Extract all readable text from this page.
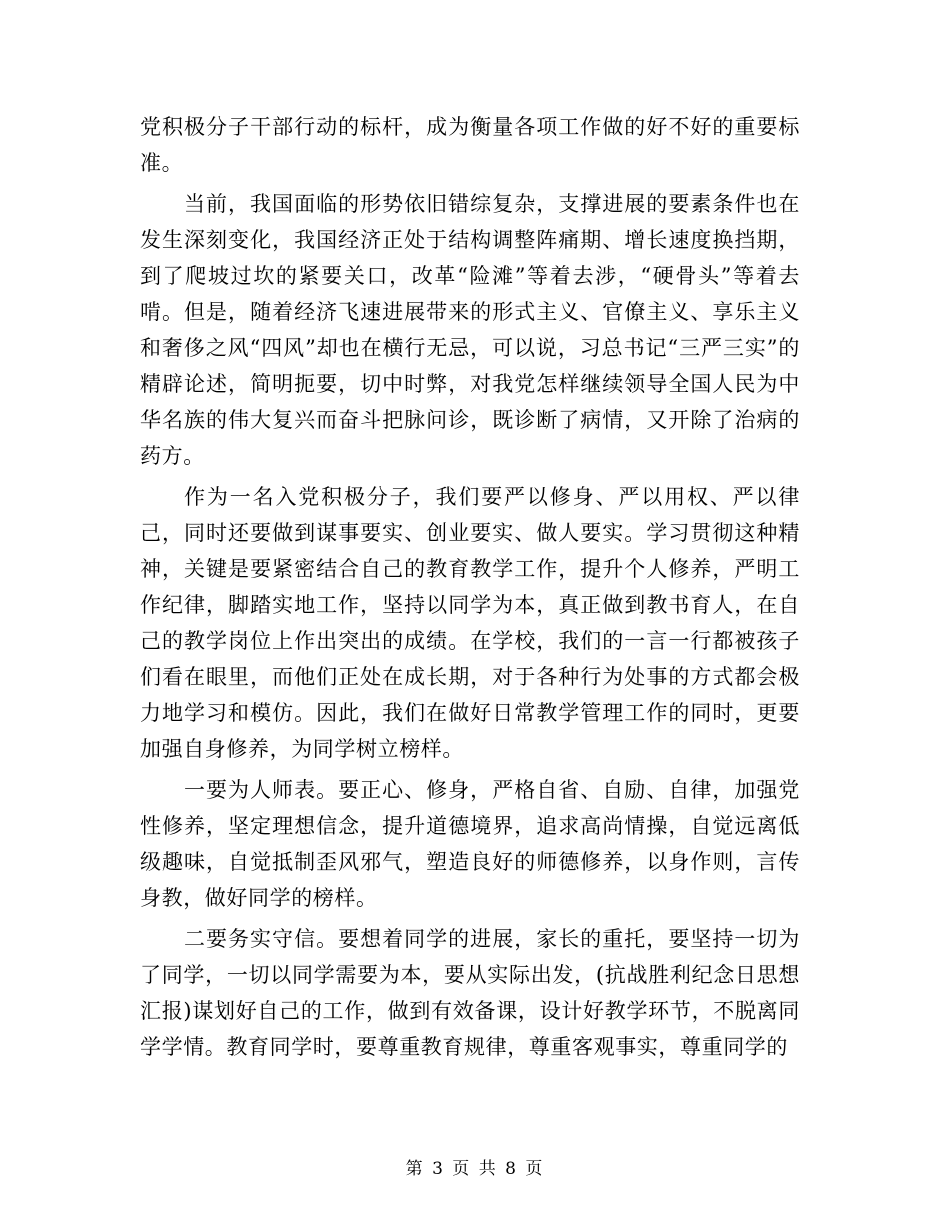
党积极分子干部行动的标杆，成为衡量各项工作做的好不好的重要标准。

当前，我国面临的形势依旧错综复杂，支撑进展的要素条件也在发生深刻变化，我国经济正处于结构调整阵痛期、增长速度换挡期，到了爬坡过坎的紧要关口，改革“险滩”等着去涉，“硬骨头”等着去啃。但是，随着经济飞速进展带来的形式主义、官僚主义、享乐主义和奢侈之风“四风”却也在横行无忌，可以说，习总书记“三严三实”的精辟论述，简明扼要，切中时弊，对我党怎样继续领导全国人民为中华名族的伟大复兴而奋斗把脉问诊，既诊断了病情，又开除了治病的药方。

作为一名入党积极分子，我们要严以修身、严以用权、严以律己，同时还要做到谋事要实、创业要实、做人要实。学习贯彻这种精神，关键是要紧密结合自己的教育教学工作，提升个人修养，严明工作纪律，脚踏实地工作，坚持以同学为本，真正做到教书育人，在自己的教学岗位上作出突出的成绩。在学校，我们的一言一行都被孩子们看在眼里，而他们正处在成长期，对于各种行为处事的方式都会极力地学习和模仿。因此，我们在做好日常教学管理工作的同时，更要加强自身修养，为同学树立榜样。

一要为人师表。要正心、修身，严格自省、自励、自律，加强党性修养，坚定理想信念，提升道德境界，追求高尚情操，自觉远离低级趣味，自觉抵制歪风邪气，塑造良好的师德修养，以身作则，言传身教，做好同学的榜样。

二要务实守信。要想着同学的进展，家长的重托，要坚持一切为了同学，一切以同学需要为本，要从实际出发，(抗战胜利纪念日思想汇报)谋划好自己的工作，做到有效备课，设计好教学环节，不脱离同学学情。教育同学时，要尊重教育规律，尊重客观事实，尊重同学的

第 3 页 共 8 页
